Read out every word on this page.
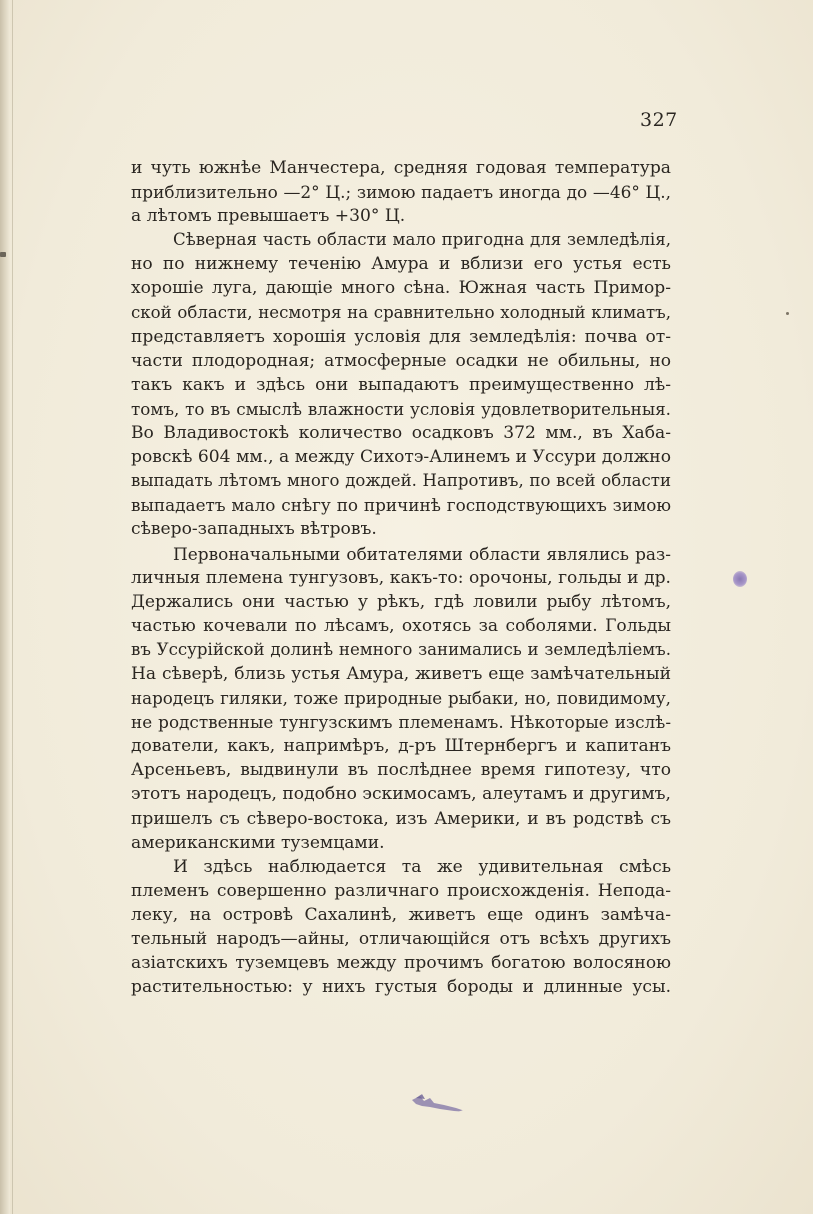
327
и чуть южнѣе Манчестера, средняя годовая температура
приблизительно —2° Ц.; зимою падаетъ иногда до —46° Ц.,
а лѣтомъ превышаетъ +30° Ц.
Сѣверная часть области мало пригодна для земледѣлія,
но по нижнему теченію Амура и вблизи его устья есть
хорошіе луга, дающіе много сѣна. Южная часть Примор-
ской области, несмотря на сравнительно холодный климатъ,
представляетъ хорошія условія для земледѣлія: почва от-
части плодородная; атмосферные осадки не обильны, но
такъ какъ и здѣсь они выпадаютъ преимущественно лѣ-
томъ, то въ смыслѣ влажности условія удовлетворительныя.
Во Владивостокѣ количество осадковъ 372 мм., въ Хаба-
ровскѣ 604 мм., а между Сихотэ-Алинемъ и Уссури должно
выпадать лѣтомъ много дождей. Напротивъ, по всей области
выпадаетъ мало снѣгу по причинѣ господствующихъ зимою
сѣверо-западныхъ вѣтровъ.
Первоначальными обитателями области являлись раз-
личныя племена тунгузовъ, какъ-то: орочоны, гольды и др.
Держались они частью у рѣкъ, гдѣ ловили рыбу лѣтомъ,
частью кочевали по лѣсамъ, охотясь за соболями. Гольды
въ Уссурійской долинѣ немного занимались и земледѣліемъ.
На сѣверѣ, близь устья Амура, живетъ еще замѣчательный
народецъ гиляки, тоже природные рыбаки, но, повидимому,
не родственные тунгузскимъ племенамъ. Нѣкоторые изслѣ-
дователи, какъ, напримѣръ, д-ръ Штернбергъ и капитанъ
Арсеньевъ, выдвинули въ послѣднее время гипотезу, что
этотъ народецъ, подобно эскимосамъ, алеутамъ и другимъ,
пришелъ съ сѣверо-востока, изъ Америки, и въ родствѣ съ
американскими туземцами.
И здѣсь наблюдается та же удивительная смѣсь
племенъ совершенно различнаго происхожденія. Непода-
леку, на островѣ Сахалинѣ, живетъ еще одинъ замѣча-
тельный народъ—айны, отличающійся отъ всѣхъ другихъ
азіатскихъ туземцевъ между прочимъ богатою волосяною
растительностью: у нихъ густыя бороды и длинные усы.
